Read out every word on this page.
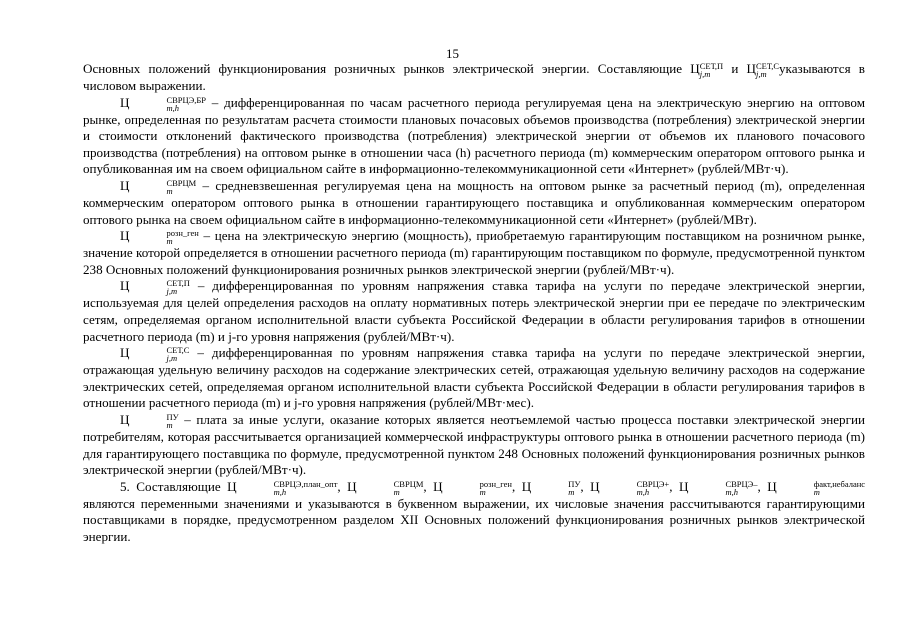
15

Основных положений функционирования розничных рынков электрической энергии. Составляющие Ц СЕТ,П
j,m и Ц СЕТ,С
j,m указываются в числовом выражении.

Ц	СВРЦЭ,БР
m,h	– дифференцированная по часам расчетного периода регулируемая цена на электрическую энергию на оптовом рынке, определенная по результатам расчета стоимости плановых почасовых объемов производства (потребления) электрической энергии и стоимости отклонений фактического производства (потребления) электрической энергии от объемов их планового почасового производства (потребления) на оптовом рынке в отношении часа (h) расчетного периода (m) коммерческим оператором оптового рынка и опубликованная им на своем официальном сайте в информационно-телекоммуникационной сети «Интернет» (рублей/МВт·ч).

Ц	СВРЦМ
m	– средневзвешенная регулируемая цена на мощность на оптовом рынке за расчетный период (m), определенная коммерческим оператором оптового рынка в отношении гарантирующего поставщика и опубликованная коммерческим оператором оптового рынка на своем официальном сайте в информационно-телекоммуникационной сети «Интернет» (рублей/МВт).

Ц	розн_ген
m	– цена на электрическую энергию (мощность), приобретаемую гарантирующим поставщиком на розничном рынке, значение которой определяется в отношении расчетного периода (m) гарантирующим поставщиком по формуле, предусмотренной пунктом 238 Основных положений функционирования розничных рынков электрической энергии (рублей/МВт·ч).

Ц	СЕТ,П
j,m – дифференцированная по уровням напряжения ставка тарифа на услуги по передаче электрической энергии, используемая для целей определения расходов на оплату нормативных потерь электрической энергии при ее передаче по электрическим сетям, определяемая органом исполнительной власти субъекта Российской Федерации в области регулирования тарифов в отношении расчетного периода (m) и j-го уровня напряжения (рублей/МВт·ч).

Ц	СЕТ,С
j,m – дифференцированная по уровням напряжения ставка тарифа на услуги по передаче электрической энергии, отражающая удельную величину расходов на содержание электрических сетей, отражающая удельную величину расходов на содержание электрических сетей, определяемая органом исполнительной власти субъекта Российской Федерации в области регулирования тарифов в отношении расчетного периода (m) и j-го уровня напряжения (рублей/МВт·мес).

Ц	ПУ
m – плата за иные услуги, оказание которых является неотъемлемой частью процесса поставки электрической энергии потребителям, которая рассчитывается организацией коммерческой инфраструктуры оптового рынка в отношении расчетного периода (m) для гарантирующего поставщика по формуле, предусмотренной пунктом 248 Основных положений функционирования розничных рынков электрической энергии (рублей/МВт·ч).

5. Составляющие Ц	СВРЦЭ,план_опт
m,h	, Ц	СВРЦМ
m	, Ц	розн_ген
m	, Ц	ПУ
m , Ц	СВРЦЭ+
m,h	, Ц	СВРЦЭ–
m,h	, Ц	факт,небаланс
m
являются переменными значениями и указываются в буквенном выражении, их числовые значения рассчитываются гарантирующими поставщиками в порядке, предусмотренном разделом XII Основных положений функционирования розничных рынков электрической энергии.
